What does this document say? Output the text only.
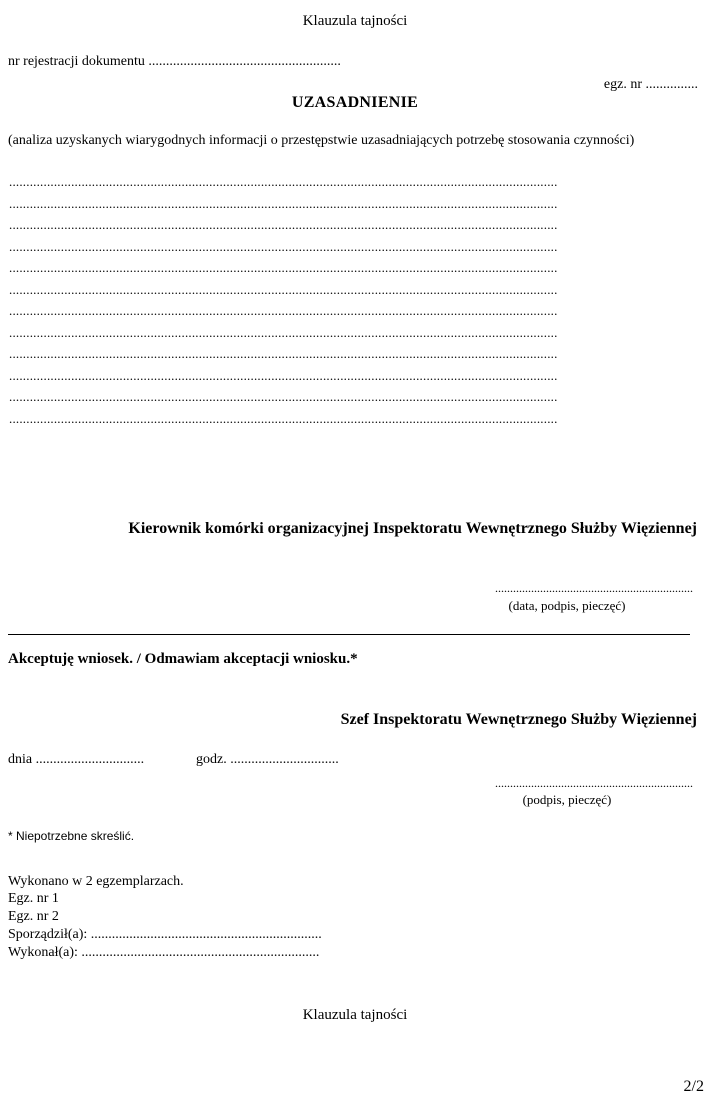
Klauzula tajności
nr rejestracji dokumentu .......................................................
egz. nr ...............
UZASADNIENIE
(analiza uzyskanych wiarygodnych informacji o przestępstwie uzasadniających potrzebę stosowania czynności)
...............................................................................................................................................................
...............................................................................................................................................................
...............................................................................................................................................................
...............................................................................................................................................................
...............................................................................................................................................................
...............................................................................................................................................................
...............................................................................................................................................................
...............................................................................................................................................................
...............................................................................................................................................................
...............................................................................................................................................................
...............................................................................................................................................................
...............................................................................................................................................................
Kierownik komórki organizacyjnej Inspektoratu Wewnętrznego Służby Więziennej
..................................................................
(data, podpis, pieczęć)
Akceptuję wniosek. / Odmawiam akceptacji wniosku.*
Szef Inspektoratu Wewnętrznego Służby Więziennej
dnia ...............................	godz. ...............................
..................................................................
(podpis, pieczęć)
* Niepotrzebne skreślić.
Wykonano w 2 egzemplarzach.
Egz. nr 1
Egz. nr 2
Sporządził(a): ..................................................................
Wykonał(a): ....................................................................
Klauzula tajności
2/2
